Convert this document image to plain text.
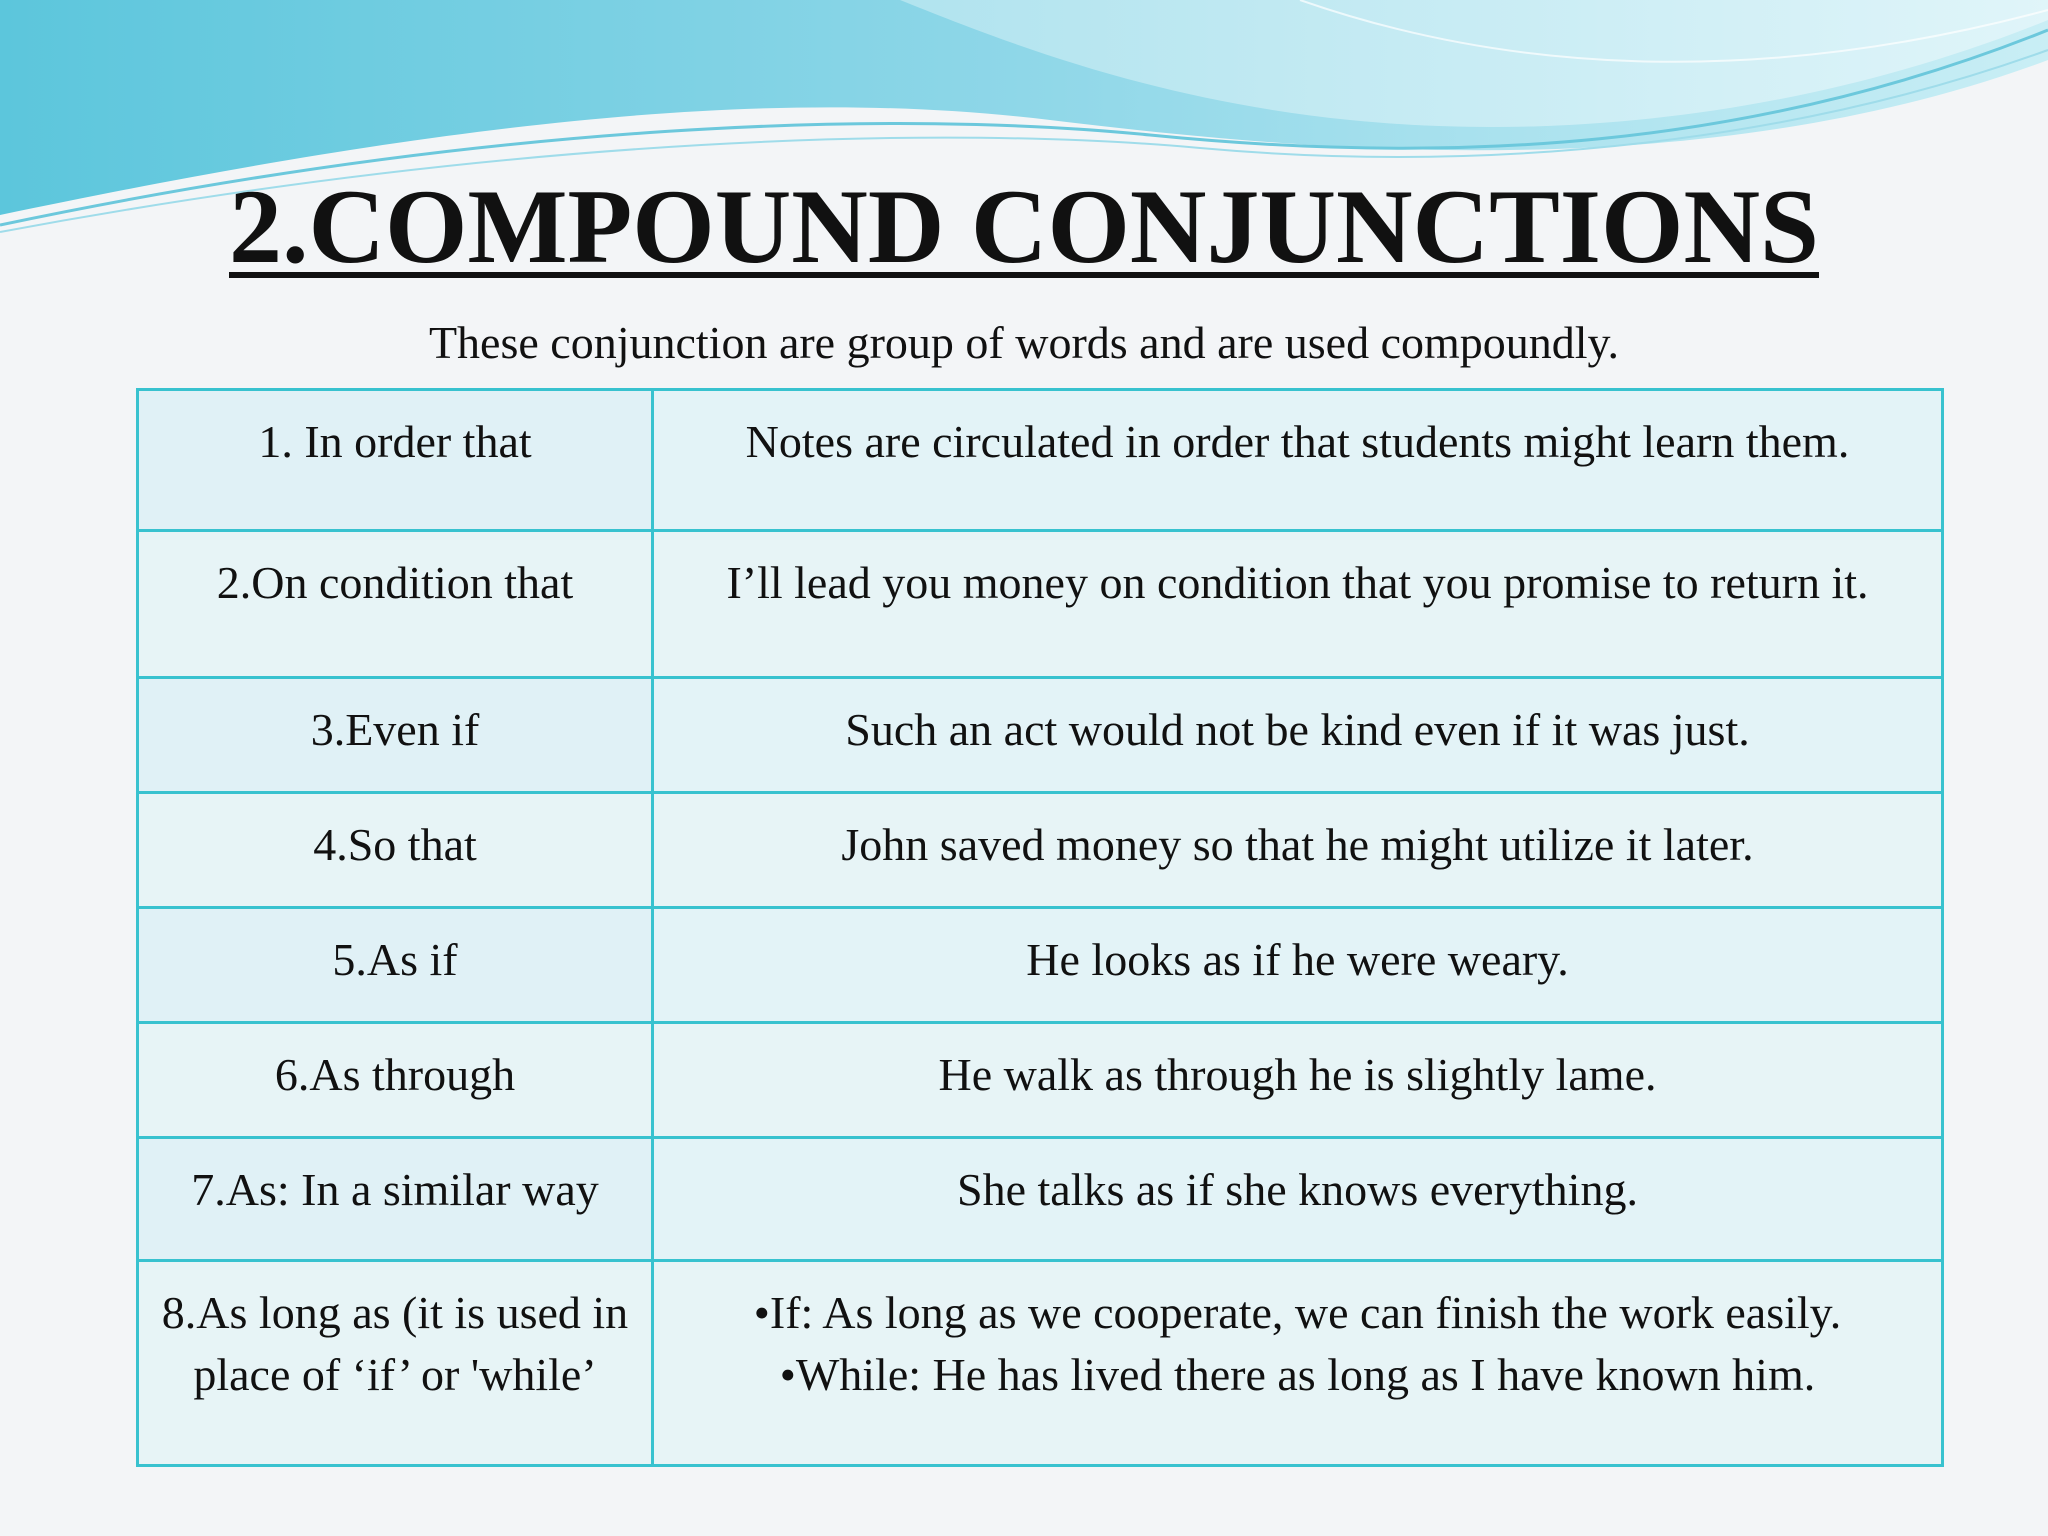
2.COMPOUND CONJUNCTIONS

These conjunction are group of words and are used compoundly.

1. In order that	Notes are circulated in order that students might learn them.

2.On condition that	I’ll lead you money on condition that you promise to return it.

3.Even if	Such an act would not be kind even if it was just.

4.So that	John saved money so that he might utilize it later.

5.As if	He looks as if he were weary.

6.As through	He walk as through he is slightly lame.

7.As: In a similar way	She talks as if she knows everything.

8.As long as (it is used in place of ‘if’ or 'while’	•If: As long as we cooperate, we can finish the work easily.
•While: He has lived there as long as I have known him.
